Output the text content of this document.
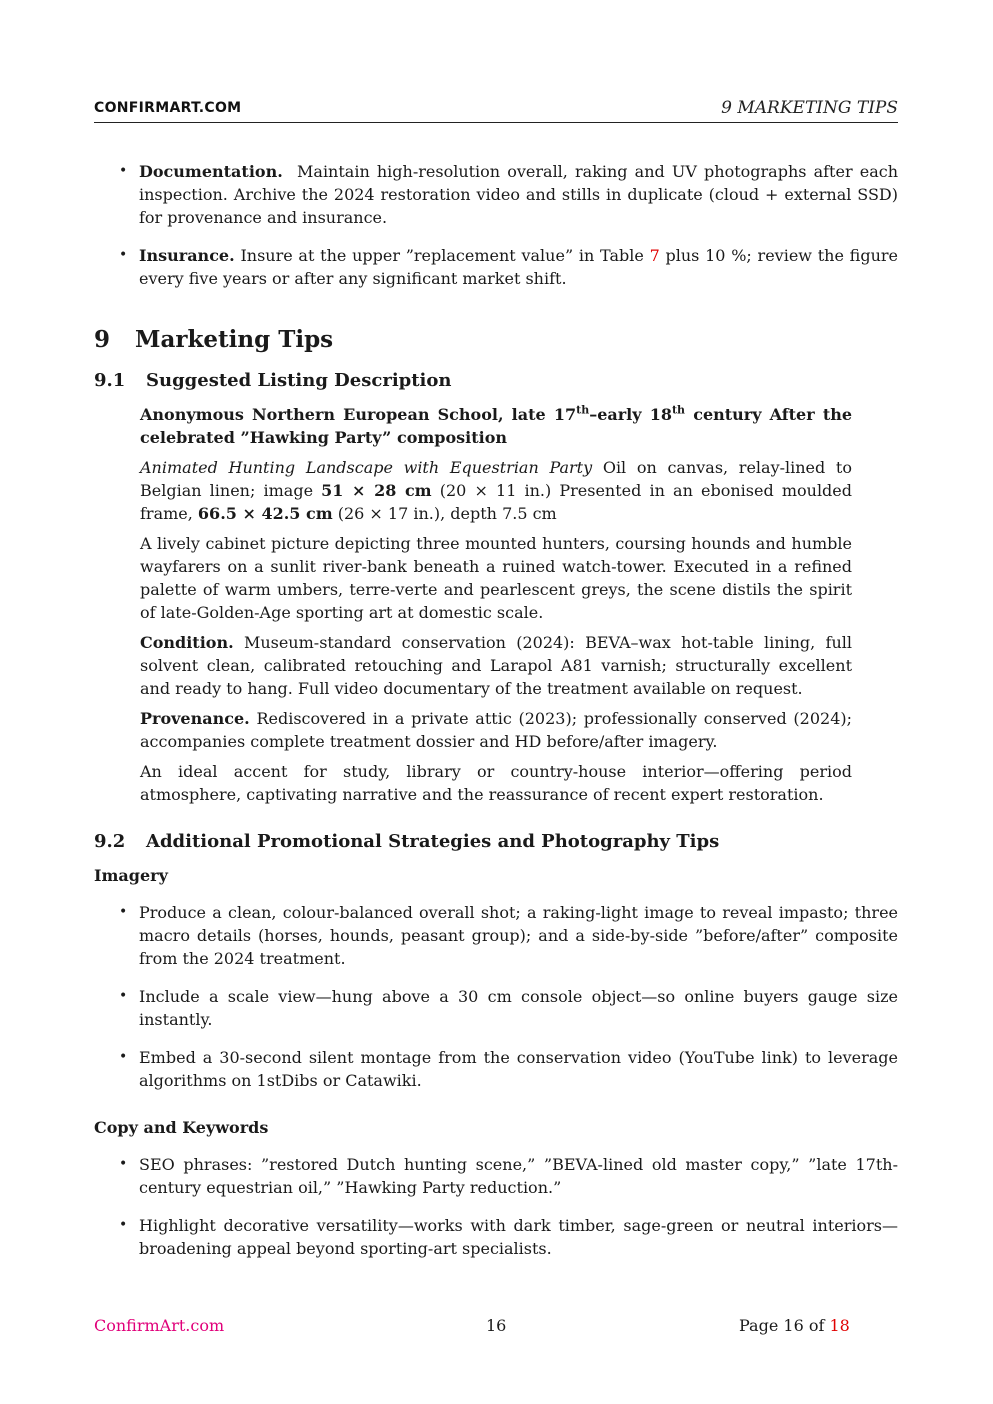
CONFIRMART.COM	9 MARKETING TIPS
• Documentation. Maintain high-resolution overall, raking and UV photographs after each inspection. Archive the 2024 restoration video and stills in duplicate (cloud + external SSD) for provenance and insurance.
• Insurance. Insure at the upper ”replacement value” in Table 7 plus 10 %; review the figure every five years or after any significant market shift.
9 Marketing Tips
9.1 Suggested Listing Description

Anonymous Northern European School, late 17th–early 18th century After the celebrated ”Hawking Party” composition

Animated Hunting Landscape with Equestrian Party Oil on canvas, relay-lined to Belgian linen; image 51 × 28 cm (20 × 11 in.) Presented in an ebonised moulded frame, 66.5 × 42.5 cm (26 × 17 in.), depth 7.5 cm

A lively cabinet picture depicting three mounted hunters, coursing hounds and humble wayfarers on a sunlit river-bank beneath a ruined watch-tower. Executed in a refined palette of warm umbers, terre-verte and pearlescent greys, the scene distils the spirit of late-Golden-Age sporting art at domestic scale.

Condition. Museum-standard conservation (2024): BEVA–wax hot-table lining, full solvent clean, calibrated retouching and Larapol A81 varnish; structurally excellent and ready to hang. Full video documentary of the treatment available on request.

Provenance. Rediscovered in a private attic (2023); professionally conserved (2024); accompanies complete treatment dossier and HD before/after imagery.

An ideal accent for study, library or country-house interior—offering period atmosphere, captivating narrative and the reassurance of recent expert restoration.

9.2 Additional Promotional Strategies and Photography Tips
Imagery
• Produce a clean, colour-balanced overall shot; a raking-light image to reveal impasto; three macro details (horses, hounds, peasant group); and a side-by-side ”before/after” composite from the 2024 treatment.
• Include a scale view—hung above a 30 cm console object—so online buyers gauge size instantly.
• Embed a 30-second silent montage from the conservation video (YouTube link) to leverage algorithms on 1stDibs or Catawiki.
Copy and Keywords
• SEO phrases: ”restored Dutch hunting scene,” ”BEVA-lined old master copy,” ”late 17th-century equestrian oil,” ”Hawking Party reduction.”
• Highlight decorative versatility—works with dark timber, sage-green or neutral interiors—broadening appeal beyond sporting-art specialists.
ConfirmArt.com	16	Page 16 of 18
